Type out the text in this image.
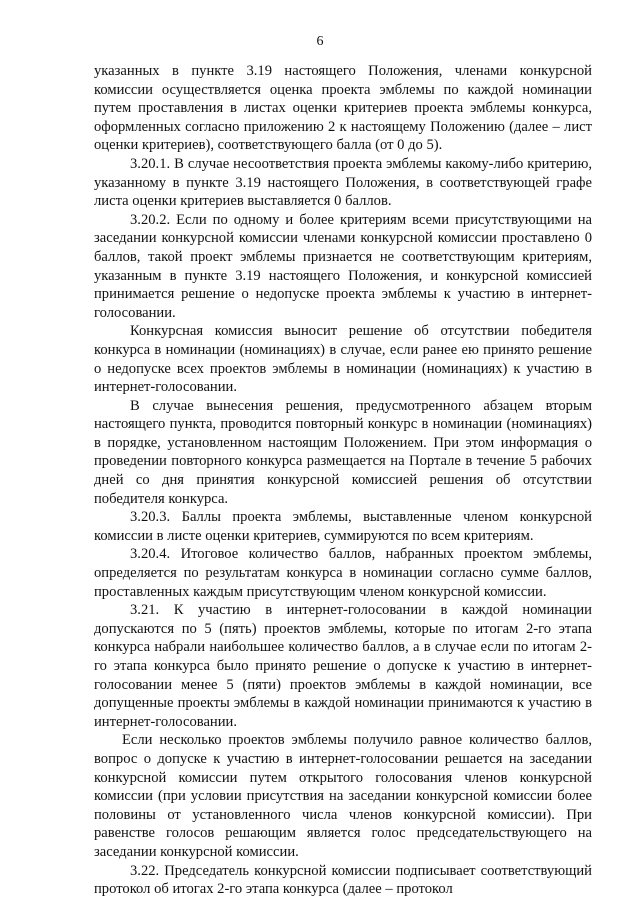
6

указанных в пункте 3.19 настоящего Положения, членами конкурсной комиссии осуществляется оценка проекта эмблемы по каждой номинации путем проставления в листах оценки критериев проекта эмблемы конкурса, оформленных согласно приложению 2 к настоящему Положению (далее – лист оценки критериев), соответствующего балла (от 0 до 5).

3.20.1. В случае несоответствия проекта эмблемы какому-либо критерию, указанному в пункте 3.19 настоящего Положения, в соответствующей графе листа оценки критериев выставляется 0 баллов.

3.20.2. Если по одному и более критериям всеми присутствующими на заседании конкурсной комиссии членами конкурсной комиссии проставлено 0 баллов, такой проект эмблемы признается не соответствующим критериям, указанным в пункте 3.19 настоящего Положения, и конкурсной комиссией принимается решение о недопуске проекта эмблемы к участию в интернет-голосовании.

Конкурсная комиссия выносит решение об отсутствии победителя конкурса в номинации (номинациях) в случае, если ранее ею принято решение о недопуске всех проектов эмблемы в номинации (номинациях) к участию в интернет-голосовании.

В случае вынесения решения, предусмотренного абзацем вторым настоящего пункта, проводится повторный конкурс в номинации (номинациях) в порядке, установленном настоящим Положением. При этом информация о проведении повторного конкурса размещается на Портале в течение 5 рабочих дней со дня принятия конкурсной комиссией решения об отсутствии победителя конкурса.

3.20.3. Баллы проекта эмблемы, выставленные членом конкурсной комиссии в листе оценки критериев, суммируются по всем критериям.

3.20.4. Итоговое количество баллов, набранных проектом эмблемы, определяется по результатам конкурса в номинации согласно сумме баллов, проставленных каждым присутствующим членом конкурсной комиссии.

3.21. К участию в интернет-голосовании в каждой номинации допускаются по 5 (пять) проектов эмблемы, которые по итогам 2-го этапа конкурса набрали наибольшее количество баллов, а в случае если по итогам 2-го этапа конкурса было принято решение о допуске к участию в интернет-голосовании менее 5 (пяти) проектов эмблемы в каждой номинации, все допущенные проекты эмблемы в каждой номинации принимаются к участию в интернет-голосовании.

Если несколько проектов эмблемы получило равное количество баллов, вопрос о допуске к участию в интернет-голосовании решается на заседании конкурсной комиссии путем открытого голосования членов конкурсной комиссии (при условии присутствия на заседании конкурсной комиссии более половины от установленного числа членов конкурсной комиссии). При равенстве голосов решающим является голос председательствующего на заседании конкурсной комиссии.

3.22. Председатель конкурсной комиссии подписывает соответствующий протокол об итогах 2-го этапа конкурса (далее – протокол
